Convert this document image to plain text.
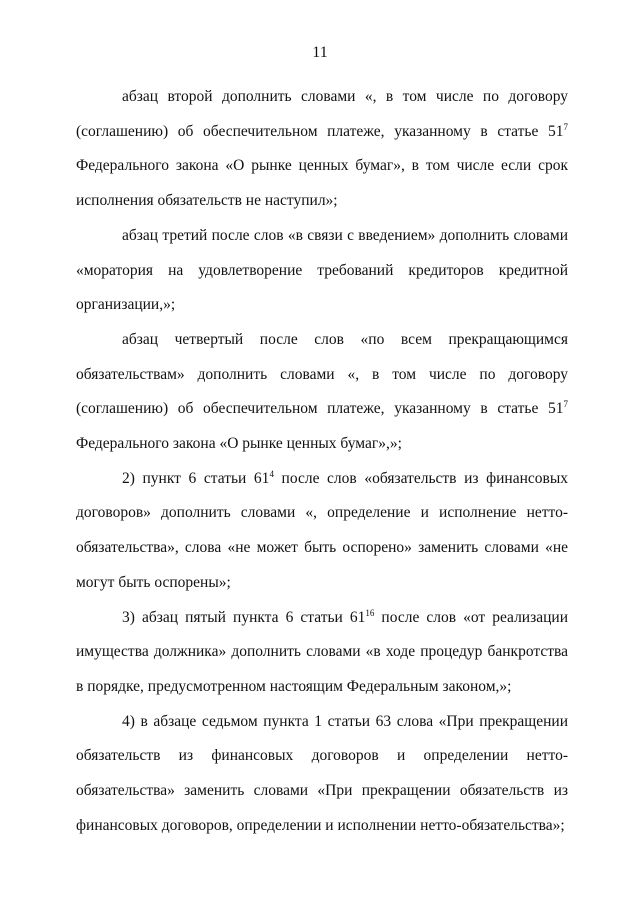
11

абзац второй дополнить словами «, в том числе по договору (соглашению) об обеспечительном платеже, указанному в статье $51^7$ Федерального закона «О рынке ценных бумаг», в том числе если срок исполнения обязательств не наступил»;

абзац третий после слов «в связи с введением» дополнить словами «моратория на удовлетворение требований кредиторов кредитной организации,»;

абзац четвертый после слов «по всем прекращающимся обязательствам» дополнить словами «, в том числе по договору (соглашению) об обеспечительном платеже, указанному в статье $51^7$ Федерального закона «О рынке ценных бумаг»,»;

2) пункт 6 статьи $61^4$ после слов «обязательств из финансовых договоров» дополнить словами «, определение и исполнение нетто-обязательства», слова «не может быть оспорено» заменить словами «не могут быть оспорены»;

3) абзац пятый пункта 6 статьи $61^{16}$ после слов «от реализации имущества должника» дополнить словами «в ходе процедур банкротства в порядке, предусмотренном настоящим Федеральным законом,»;

4) в абзаце седьмом пункта 1 статьи 63 слова «При прекращении обязательств из финансовых договоров и определении нетто-обязательства» заменить словами «При прекращении обязательств из финансовых договоров, определении и исполнении нетто-обязательства»;
